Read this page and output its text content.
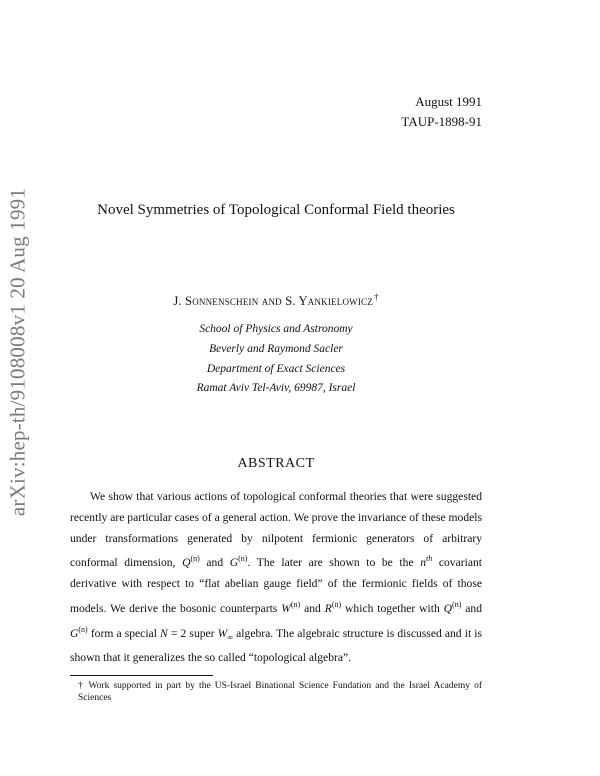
arXiv:hep-th/9108008v1 20 Aug 1991
August 1991
TAUP-1898-91
Novel Symmetries of Topological Conformal Field theories
J. Sonnenschein and S. Yankielowicz†
School of Physics and Astronomy
Beverly and Raymond Sacler
Department of Exact Sciences
Ramat Aviv Tel-Aviv, 69987, Israel
ABSTRACT
We show that various actions of topological conformal theories that were suggested recently are particular cases of a general action. We prove the invariance of these models under transformations generated by nilpotent fermionic generators of arbitrary conformal dimension, $Q^{(n)}$ and $G^{(n)}$. The later are shown to be the $n^{th}$ covariant derivative with respect to “flat abelian gauge field” of the fermionic fields of those models. We derive the bosonic counterparts $W^{(n)}$ and $R^{(n)}$ which together with $Q^{(n)}$ and $G^{(n)}$ form a special N = 2 super $W_\infty$ algebra. The algebraic structure is discussed and it is shown that it generalizes the so called “topological algebra”.
† Work supported in part by the US-Israel Binational Science Fundation and the Israel Academy of Sciences
